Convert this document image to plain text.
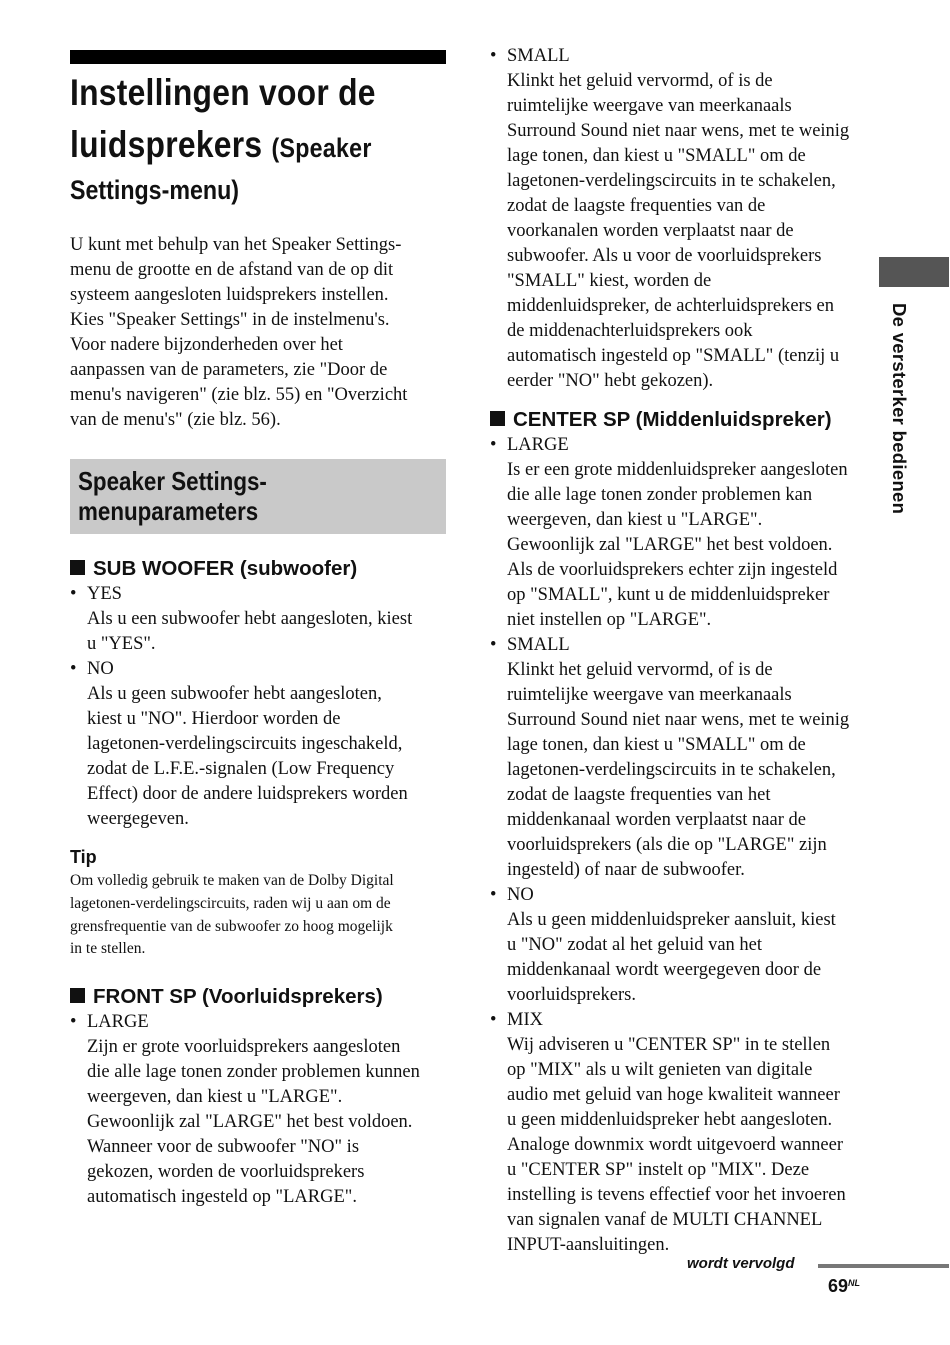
Instellingen voor de
luidsprekers (Speaker
Settings-menu)
U kunt met behulp van het Speaker Settings-
menu de grootte en de afstand van de op dit
systeem aangesloten luidsprekers instellen.
Kies "Speaker Settings" in de instelmenu's.
Voor nadere bijzonderheden over het
aanpassen van de parameters, zie "Door de
menu's navigeren" (zie blz. 55) en "Overzicht
van de menu's" (zie blz. 56).
Speaker Settings-
menuparameters
SUB WOOFER (subwoofer)
• YES
Als u een subwoofer hebt aangesloten, kiest
u "YES".
• NO
Als u geen subwoofer hebt aangesloten,
kiest u "NO". Hierdoor worden de
lagetonen-verdelingscircuits ingeschakeld,
zodat de L.F.E.-signalen (Low Frequency
Effect) door de andere luidsprekers worden
weergegeven.
Tip
Om volledig gebruik te maken van de Dolby Digital
lagetonen-verdelingscircuits, raden wij u aan om de
grensfrequentie van de subwoofer zo hoog mogelijk
in te stellen.
FRONT SP (Voorluidsprekers)
• LARGE
Zijn er grote voorluidsprekers aangesloten
die alle lage tonen zonder problemen kunnen
weergeven, dan kiest u "LARGE".
Gewoonlijk zal "LARGE" het best voldoen.
Wanneer voor de subwoofer "NO" is
gekozen, worden de voorluidsprekers
automatisch ingesteld op "LARGE".
• SMALL
Klinkt het geluid vervormd, of is de
ruimtelijke weergave van meerkanaals
Surround Sound niet naar wens, met te weinig
lage tonen, dan kiest u "SMALL" om de
lagetonen-verdelingscircuits in te schakelen,
zodat de laagste frequenties van de
voorkanalen worden verplaatst naar de
subwoofer. Als u voor de voorluidsprekers
"SMALL" kiest, worden de
middenluidspreker, de achterluidsprekers en
de middenachterluidsprekers ook
automatisch ingesteld op "SMALL" (tenzij u
eerder "NO" hebt gekozen).
CENTER SP (Middenluidspreker)
• LARGE
Is er een grote middenluidspreker aangesloten
die alle lage tonen zonder problemen kan
weergeven, dan kiest u "LARGE".
Gewoonlijk zal "LARGE" het best voldoen.
Als de voorluidsprekers echter zijn ingesteld
op "SMALL", kunt u de middenluidspreker
niet instellen op "LARGE".
• SMALL
Klinkt het geluid vervormd, of is de
ruimtelijke weergave van meerkanaals
Surround Sound niet naar wens, met te weinig
lage tonen, dan kiest u "SMALL" om de
lagetonen-verdelingscircuits in te schakelen,
zodat de laagste frequenties van het
middenkanaal worden verplaatst naar de
voorluidsprekers (als die op "LARGE" zijn
ingesteld) of naar de subwoofer.
• NO
Als u geen middenluidspreker aansluit, kiest
u "NO" zodat al het geluid van het
middenkanaal wordt weergegeven door de
voorluidsprekers.
• MIX
Wij adviseren u "CENTER SP" in te stellen
op "MIX" als u wilt genieten van digitale
audio met geluid van hoge kwaliteit wanneer
u geen middenluidspreker hebt aangesloten.
Analoge downmix wordt uitgevoerd wanneer
u "CENTER SP" instelt op "MIX". Deze
instelling is tevens effectief voor het invoeren
van signalen vanaf de MULTI CHANNEL
INPUT-aansluitingen.
De versterker bedienen
wordt vervolgd
$69^{NL}$
